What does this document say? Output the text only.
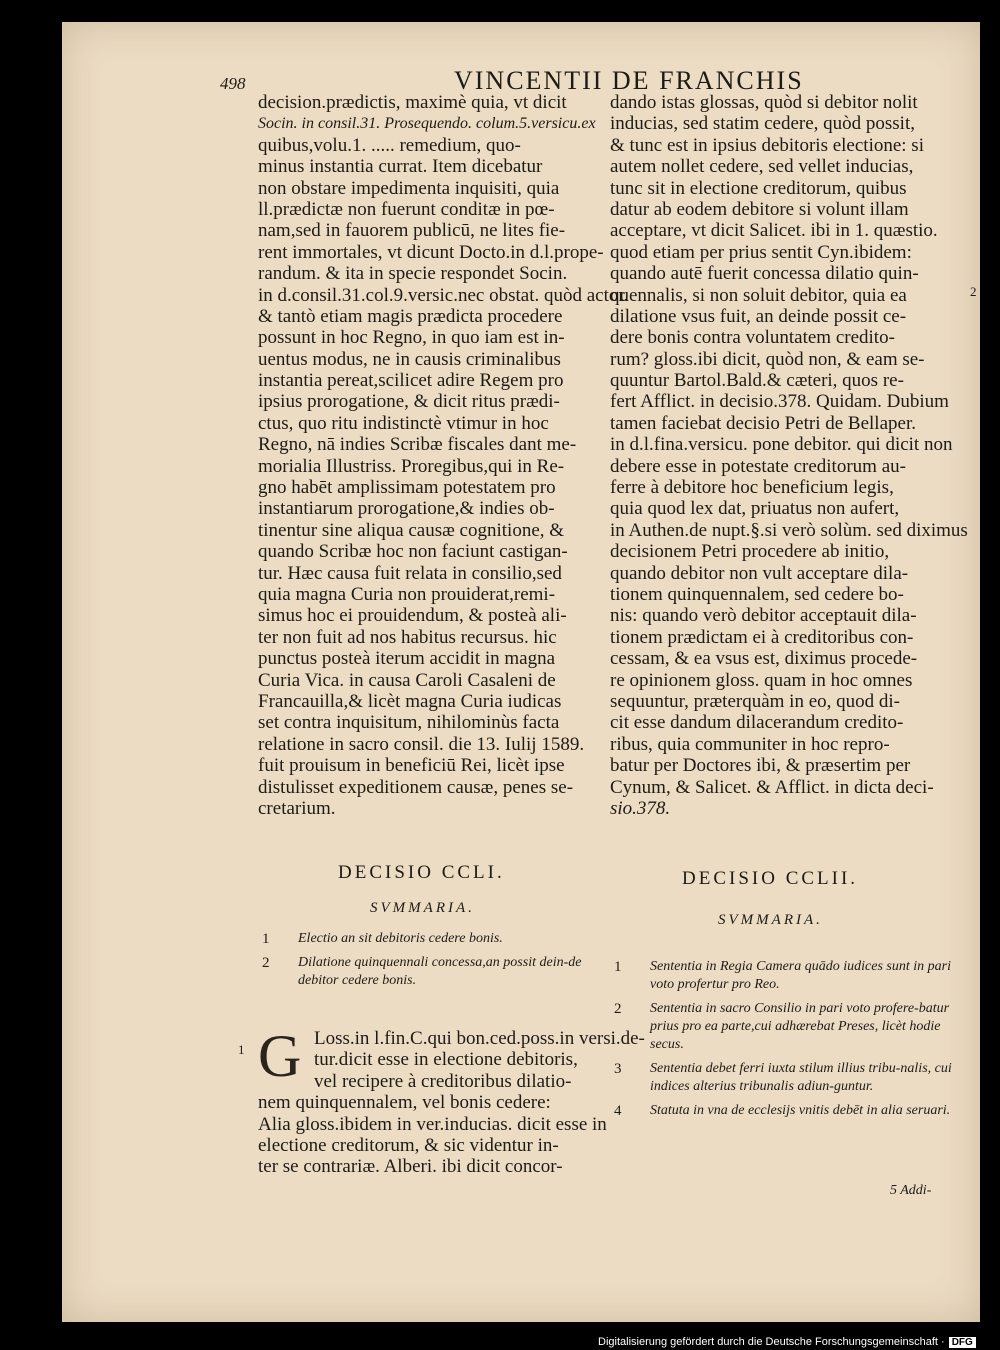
498	VINCENTII DE FRANCHIS
decision.prædictis, maximè quia, vt dicit
Socin. in consil.31. Prosequendo. colum.5.versicu.ex
quibus,volu.1. ..... remedium, quo-
minus instantia currat. Item dicebatur
non obstare impedimenta inquisiti, quia
ll.prædictæ non fuerunt conditæ in pœ-
nam,sed in fauorem publicū, ne lites fie-
rent immortales, vt dicunt Docto.in d.l.prope-
randum. & ita in specie respondet Socin.
in d.consil.31.col.9.versic.nec obstat. quòd actor.
& tantò etiam magis prædicta procedere
possunt in hoc Regno, in quo iam est in-
uentus modus, ne in causis criminalibus
instantia pereat,scilicet adire Regem pro
ipsius prorogatione, & dicit ritus prædi-
ctus, quo ritu indistinctè vtimur in hoc
Regno, nā indies Scribæ fiscales dant me-
morialia Illustriss. Proregibus,qui in Re-
gno habēt amplissimam potestatem pro
instantiarum prorogatione,& indies ob-
tinentur sine aliqua causæ cognitione, &
quando Scribæ hoc non faciunt castigan-
tur. Hæc causa fuit relata in consilio,sed
quia magna Curia non prouiderat,remi-
simus hoc ei prouidendum, & posteà ali-
ter non fuit ad nos habitus recursus. hic
punctus posteà iterum accidit in magna
Curia Vica. in causa Caroli Casaleni de
Francauilla,& licèt magna Curia iudicas
set contra inquisitum, nihilominùs facta
relatione in sacro consil. die 13. Iulij 1589.
fuit prouisum in beneficiū Rei, licèt ipse
distulisset expeditionem causæ, penes se-
cretarium.
dando istas glossas, quòd si debitor nolit
inducias, sed statim cedere, quòd possit,
& tunc est in ipsius debitoris electione: si
autem nollet cedere, sed vellet inducias,
tunc sit in electione creditorum, quibus
datur ab eodem debitore si volunt illam
acceptare, vt dicit Salicet. ibi in 1. quæstio.
quod etiam per prius sentit Cyn.ibidem:
quando autē fuerit concessa dilatio quin-
quennalis, si non soluit debitor, quia ea
dilatione vsus fuit, an deinde possit ce-
dere bonis contra voluntatem credito-
rum? gloss.ibi dicit, quòd non, & eam se-
quuntur Bartol.Bald.& cæteri, quos re-
fert Afflict. in decisio.378. Quidam. Dubium
tamen faciebat decisio Petri de Bellaper.
in d.l.fina.versicu. pone debitor. qui dicit non
debere esse in potestate creditorum au-
ferre à debitore hoc beneficium legis,
quia quod lex dat, priuatus non aufert,
in Authen.de nupt.§.si verò solùm. sed diximus
decisionem Petri procedere ab initio,
quando debitor non vult acceptare dila-
tionem quinquennalem, sed cedere bo-
nis: quando verò debitor acceptauit dila-
tionem prædictam ei à creditoribus con-
cessam, & ea vsus est, diximus procede-
re opinionem gloss. quam in hoc omnes
sequuntur, præterquàm in eo, quod di-
cit esse dandum dilacerandum credito-
ribus, quia communiter in hoc repro-
batur per Doctores ibi, & præsertim per
Cynum, & Salicet. & Afflict. in dicta deci-
sio.378.
2
DECISIO CCLI.
SVMMARIA.
1	Electio an sit debitoris cedere bonis.
2	Dilatione quinquennali concessa,an possit dein-de debitor cedere bonis.
1 G Loss.in l.fin.C.qui bon.ced.poss.in versi.de-
tur.dicit esse in electione debitoris,
vel recipere à creditoribus dilatio-
nem quinquennalem, vel bonis cedere:
Alia gloss.ibidem in ver.inducias. dicit esse in
electione creditorum, & sic videntur in-
ter se contrariæ. Alberi. ibi dicit concor-
DECISIO CCLII.
SVMMARIA.
1	Sententia in Regia Camera quādo iudices sunt in pari voto profertur pro Reo.
2	Sententia in sacro Consilio in pari voto profere-batur prius pro ea parte,cui adhærebat Preses, licèt hodie secus.
3	Sententia debet ferri iuxta stilum illius tribu-nalis, cui indices alterius tribunalis adiun-guntur.
4	Statuta in vna de ecclesijs vnitis debēt in alia seruari.
5 Addi-
Digitalisierung gefördert durch die Deutsche Forschungsgemeinschaft · DFG
